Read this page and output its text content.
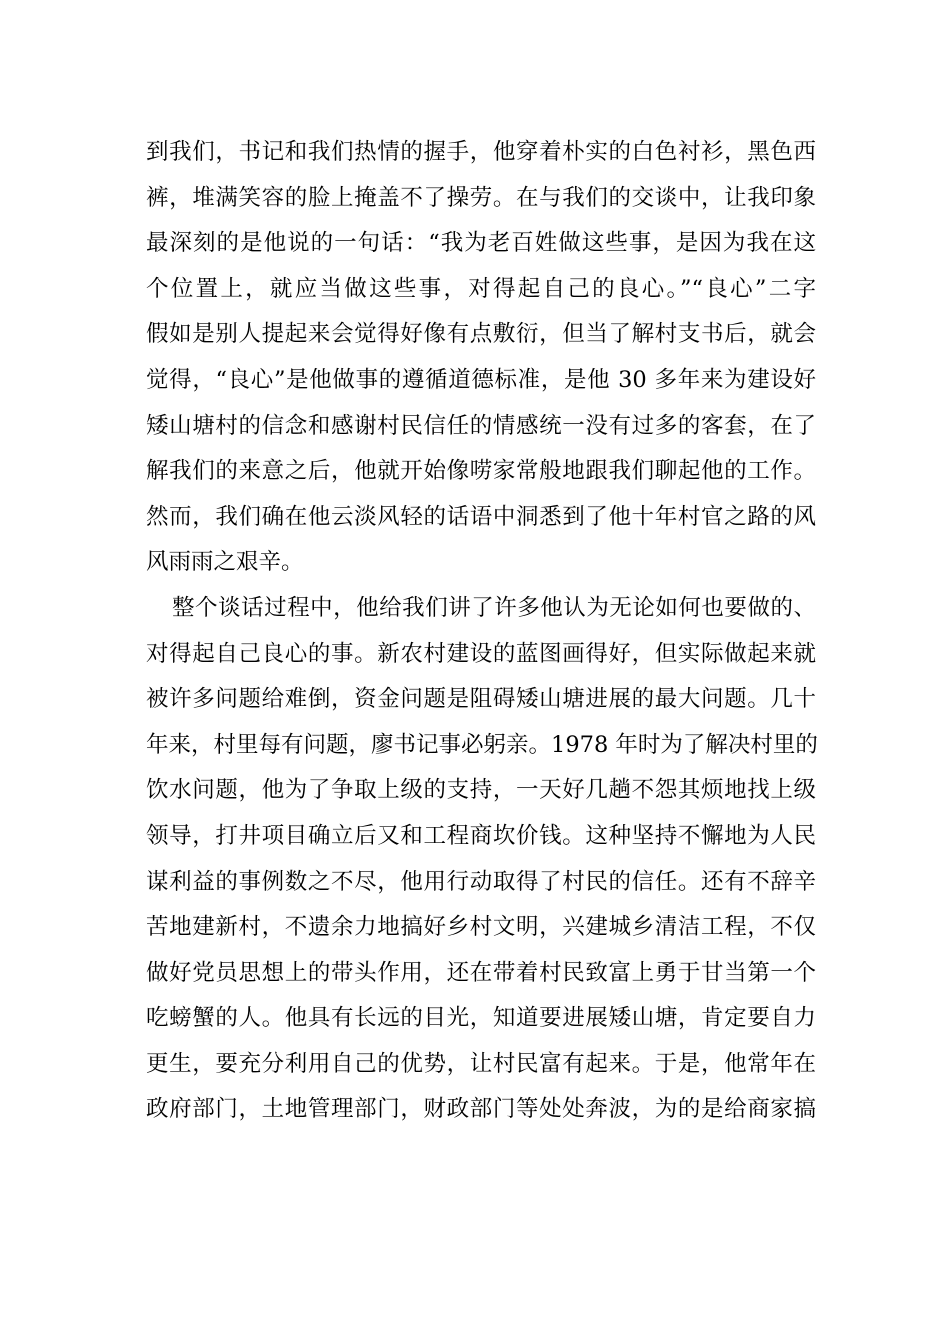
到我们，书记和我们热情的握手，他穿着朴实的白色衬衫，黑色西
裤，堆满笑容的脸上掩盖不了操劳。在与我们的交谈中，让我印象
最深刻的是他说的一句话：“我为老百姓做这些事，是因为我在这
个位置上，就应当做这些事，对得起自己的良心。”“良心”二字
假如是别人提起来会觉得好像有点敷衍，但当了解村支书后，就会
觉得，“良心”是他做事的遵循道德标准，是他 30 多年来为建设好
矮山塘村的信念和感谢村民信任的情感统一没有过多的客套，在了
解我们的来意之后，他就开始像唠家常般地跟我们聊起他的工作。
然而，我们确在他云淡风轻的话语中洞悉到了他十年村官之路的风
风雨雨之艰辛。
整个谈话过程中，他给我们讲了许多他认为无论如何也要做的、
对得起自己良心的事。新农村建设的蓝图画得好，但实际做起来就
被许多问题给难倒，资金问题是阻碍矮山塘进展的最大问题。几十
年来，村里每有问题，廖书记事必躬亲。1978 年时为了解决村里的
饮水问题，他为了争取上级的支持，一天好几趟不怨其烦地找上级
领导，打井项目确立后又和工程商坎价钱。这种坚持不懈地为人民
谋利益的事例数之不尽，他用行动取得了村民的信任。还有不辞辛
苦地建新村，不遗余力地搞好乡村文明，兴建城乡清洁工程，不仅
做好党员思想上的带头作用，还在带着村民致富上勇于甘当第一个
吃螃蟹的人。他具有长远的目光，知道要进展矮山塘，肯定要自力
更生，要充分利用自己的优势，让村民富有起来。于是，他常年在
政府部门，土地管理部门，财政部门等处处奔波，为的是给商家搞
